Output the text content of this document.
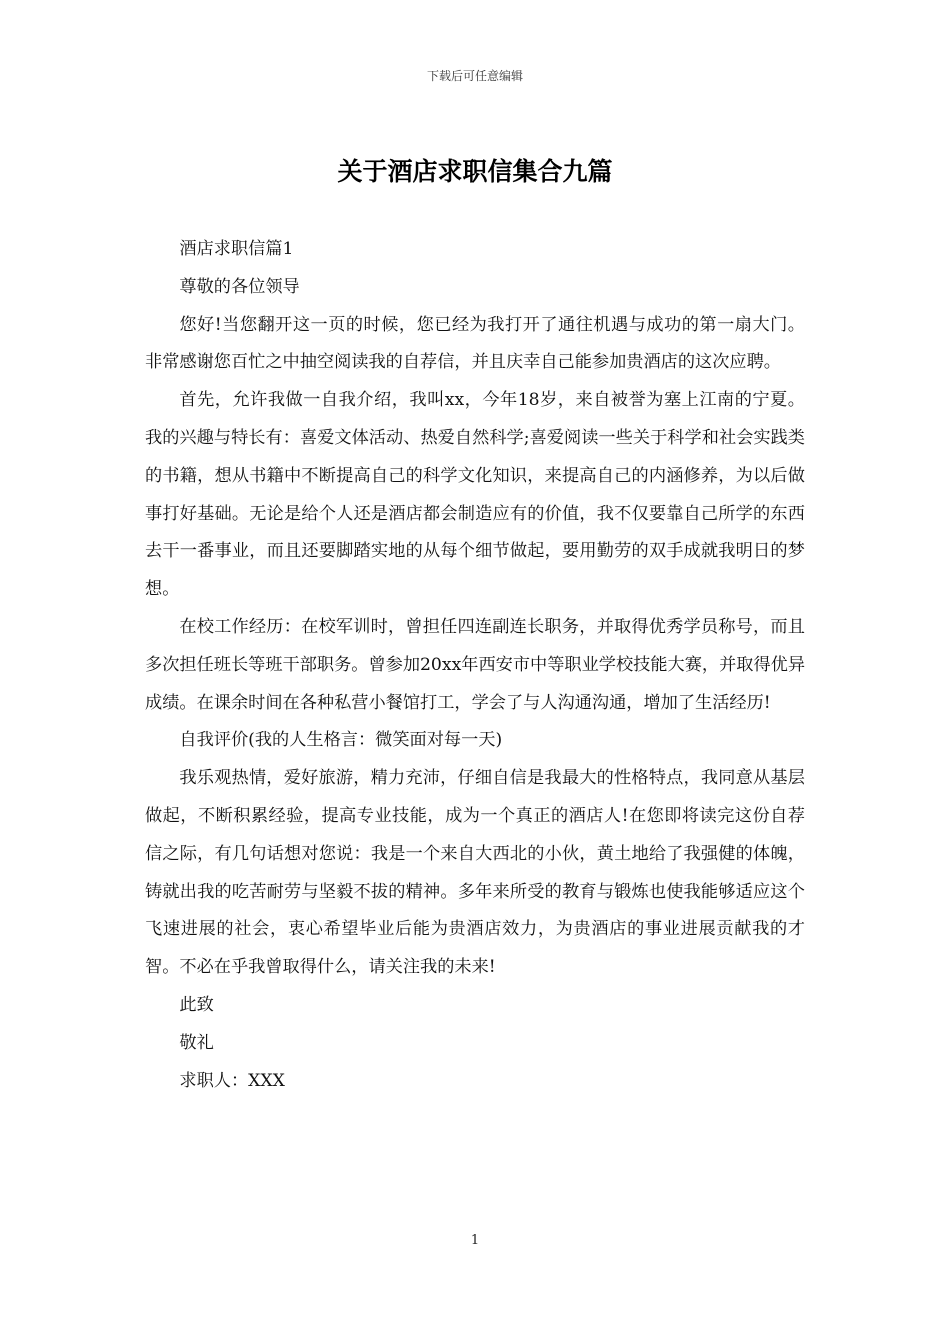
下载后可任意编辑
关于酒店求职信集合九篇

酒店求职信篇1

尊敬的各位领导

您好!当您翻开这一页的时候，您已经为我打开了通往机遇与成功的第一扇大门。非常感谢您百忙之中抽空阅读我的自荐信，并且庆幸自己能参加贵酒店的这次应聘。

首先，允许我做一自我介绍，我叫xx，今年18岁，来自被誉为塞上江南的宁夏。我的兴趣与特长有：喜爱文体活动、热爱自然科学;喜爱阅读一些关于科学和社会实践类的书籍，想从书籍中不断提高自己的科学文化知识，来提高自己的内涵修养，为以后做事打好基础。无论是给个人还是酒店都会制造应有的价值，我不仅要靠自己所学的东西去干一番事业，而且还要脚踏实地的从每个细节做起，要用勤劳的双手成就我明日的梦想。

在校工作经历：在校军训时，曾担任四连副连长职务，并取得优秀学员称号，而且多次担任班长等班干部职务。曾参加20xx年西安市中等职业学校技能大赛，并取得优异成绩。在课余时间在各种私营小餐馆打工，学会了与人沟通沟通，增加了生活经历!

自我评价(我的人生格言：微笑面对每一天)

我乐观热情，爱好旅游，精力充沛，仔细自信是我最大的性格特点，我同意从基层做起，不断积累经验，提高专业技能，成为一个真正的酒店人!在您即将读完这份自荐信之际，有几句话想对您说：我是一个来自大西北的小伙，黄土地给了我强健的体魄，铸就出我的吃苦耐劳与坚毅不拔的精神。多年来所受的教育与锻炼也使我能够适应这个飞速进展的社会，衷心希望毕业后能为贵酒店效力，为贵酒店的事业进展贡献我的才智。不必在乎我曾取得什么，请关注我的未来!

此致

敬礼

求职人：XXX

1
